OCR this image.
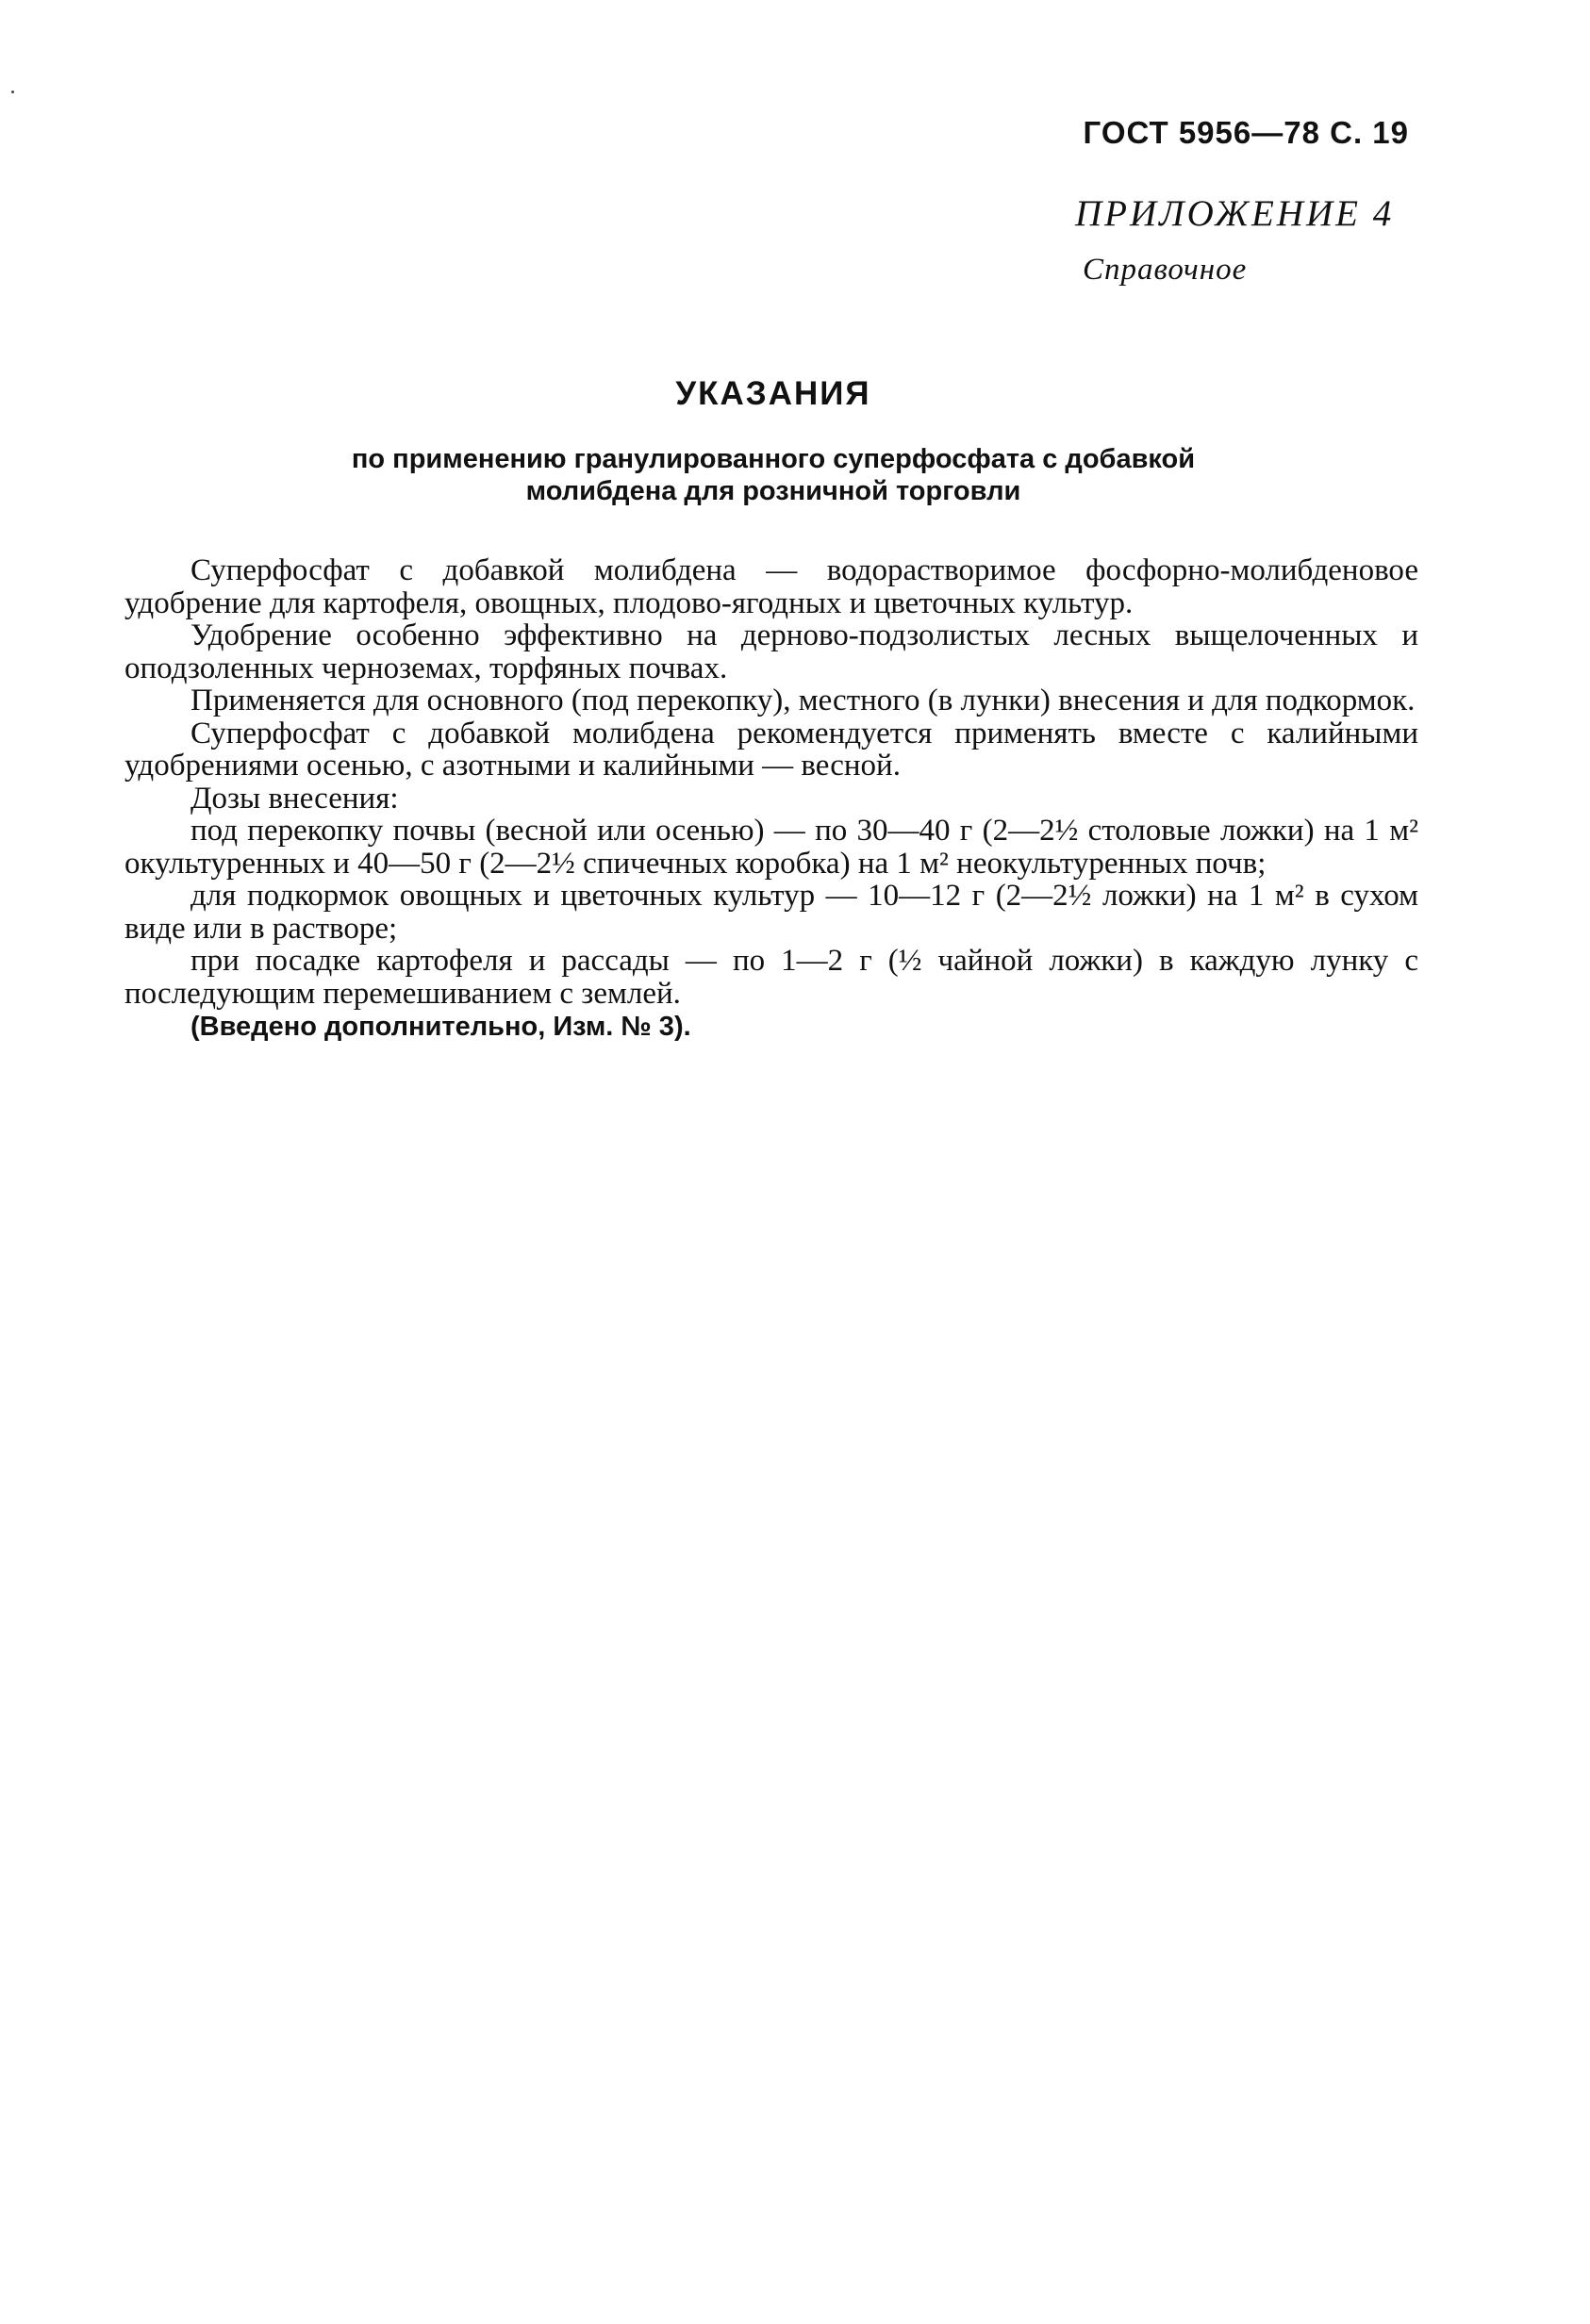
ГОСТ 5956—78 С. 19
ПРИЛОЖЕНИЕ 4
Справочное
УКАЗАНИЯ
по применению гранулированного суперфосфата с добавкой
молибдена для розничной торговли

Суперфосфат с добавкой молибдена — водорастворимое фосфорно-молибденовое удобрение для картофеля, овощных, плодово-ягодных и цветочных культур.

Удобрение особенно эффективно на дерново-подзолистых лесных выщелоченных и оподзоленных черноземах, торфяных почвах.

Применяется для основного (под перекопку), местного (в лунки) внесения и для подкормок.

Суперфосфат с добавкой молибдена рекомендуется применять вместе с калийными удобрениями осенью, с азотными и калийными — весной.

Дозы внесения:

под перекопку почвы (весной или осенью) — по 30—40 г (2—2½ столовые ложки) на 1 м² окультуренных и 40—50 г (2—2½ спичечных коробка) на 1 м² неокультуренных почв;

для подкормок овощных и цветочных культур — 10—12 г (2—2½ ложки) на 1 м² в сухом виде или в растворе;

при посадке картофеля и рассады — по 1—2 г (½ чайной ложки) в каждую лунку с последующим перемешиванием с землей.

(Введено дополнительно, Изм. № 3).
